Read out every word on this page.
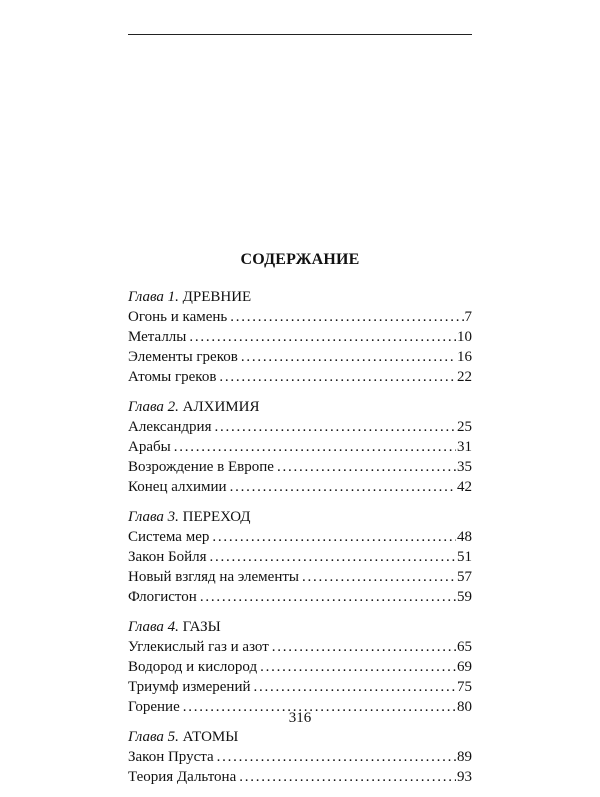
СОДЕРЖАНИЕ
Глава 1. ДРЕВНИЕ
Огонь и камень . . .	7
Металлы . . .	10
Элементы греков . . .	16
Атомы греков . . .	22
Глава 2. АЛХИМИЯ
Александрия . . .	25
Арабы . . .	31
Возрождение в Европе . . .	35
Конец алхимии . . .	42
Глава 3. ПЕРЕХОД
Система мер . . .	48
Закон Бойля . . .	51
Новый взгляд на элементы . . .	57
Флогистон . . .	59
Глава 4. ГАЗЫ
Углекислый газ и азот . . .	65
Водород и кислород . . .	69
Триумф измерений . . .	75
Горение . . .	80
Глава 5. АТОМЫ
Закон Пруста . . .	89
Теория Дальтона . . .	93
316
